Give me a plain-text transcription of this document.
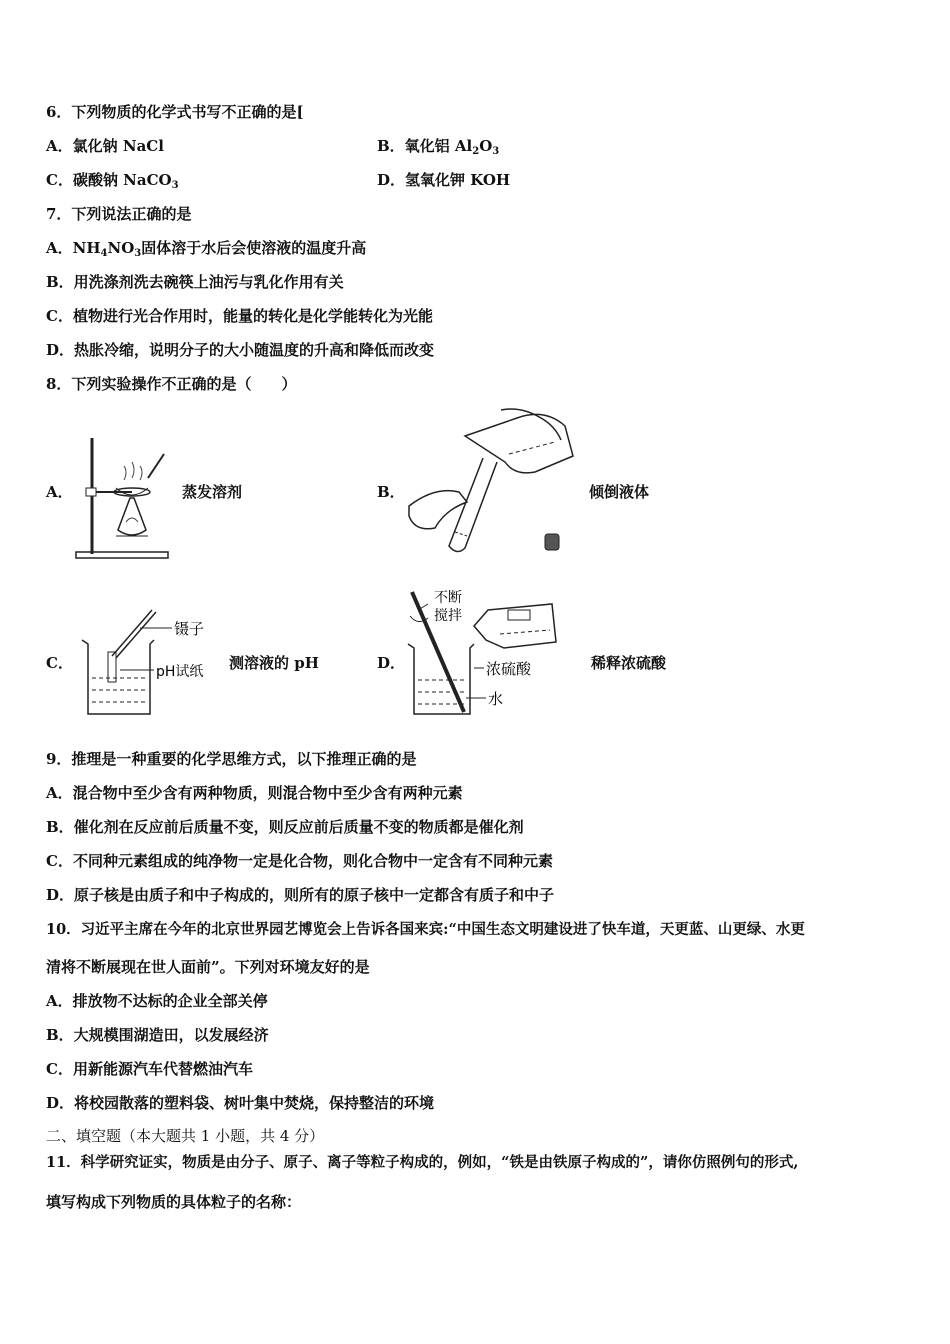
6．下列物质的化学式书写不正确的是[
A．氯化钠 NaCl	B．氧化铝 $Al_2O_3$
C．碳酸钠 NaCO$_3$	D．氢氧化钾 KOH
7．下列说法正确的是
A．$NH_4NO_3$固体溶于水后会使溶液的温度升高
B．用洗涤剂洗去碗筷上油污与乳化作用有关
C．植物进行光合作用时，能量的转化是化学能转化为光能
D．热胀冷缩，说明分子的大小随温度的升高和降低而改变
8．下列实验操作不正确的是（　　）
A．	蒸发溶剂	B．	倾倒液体
C．
镊子
pH试纸 测溶液的 pH	D．
不断
搅拌
浓硫酸
水
稀释浓硫酸
9．推理是一种重要的化学思维方式，以下推理正确的是
A．混合物中至少含有两种物质，则混合物中至少含有两种元素
B．催化剂在反应前后质量不变，则反应前后质量不变的物质都是催化剂
C．不同种元素组成的纯净物一定是化合物，则化合物中一定含有不同种元素
D．原子核是由质子和中子构成的，则所有的原子核中一定都含有质子和中子
10．习近平主席在今年的北京世界园艺博览会上告诉各国来宾:“中国生态文明建设进了快车道，天更蓝、山更绿、水更
清将不断展现在世人面前”。下列对环境友好的是
A．排放物不达标的企业全部关停
B．大规模围湖造田，以发展经济
C．用新能源汽车代替燃油汽车
D．将校园散落的塑料袋、树叶集中焚烧，保持整洁的环境
二、填空题（本大题共 1 小题，共 4 分）
11．科学研究证实，物质是由分子、原子、离子等粒子构成的，例如，“铁是由铁原子构成的”，请你仿照例句的形式,
填写构成下列物质的具体粒子的名称：
